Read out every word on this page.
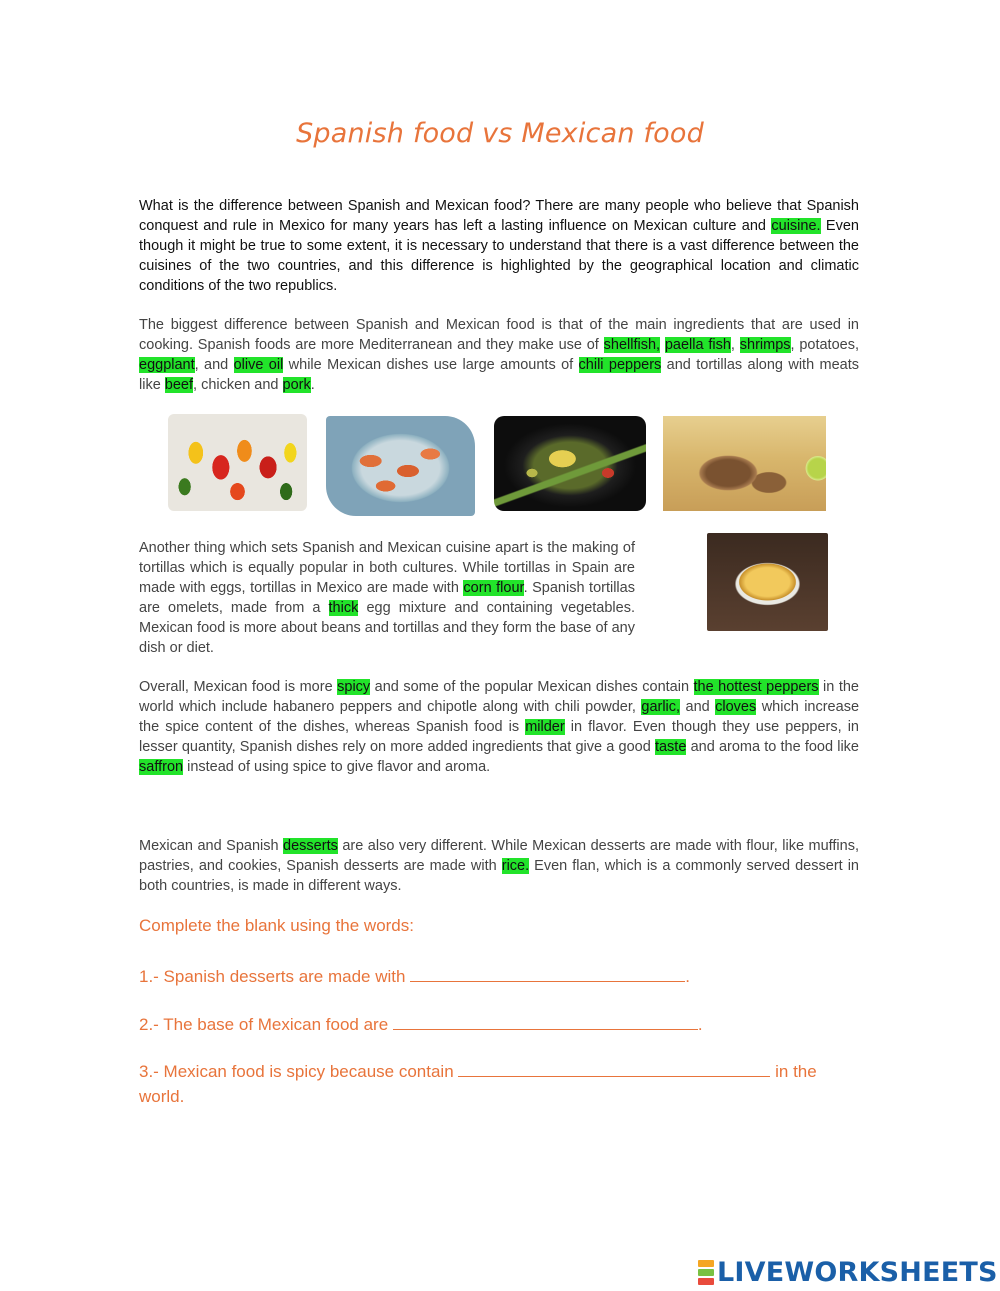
Spanish food vs Mexican food

What is the difference between Spanish and Mexican food? There are many people who believe that Spanish conquest and rule in Mexico for many years has left a lasting influence on Mexican culture and cuisine. Even though it might be true to some extent, it is necessary to understand that there is a vast difference between the cuisines of the two countries, and this difference is highlighted by the geographical location and climatic conditions of the two republics.

The biggest difference between Spanish and Mexican food is that of the main ingredients that are used in cooking. Spanish foods are more Mediterranean and they make use of shellfish, paella fish, shrimps, potatoes, eggplant, and olive oil while Mexican dishes use large amounts of chili peppers and tortillas along with meats like beef, chicken and pork.

Another thing which sets Spanish and Mexican cuisine apart is the making of tortillas which is equally popular in both cultures. While tortillas in Spain are made with eggs, tortillas in Mexico are made with corn flour. Spanish tortillas are omelets, made from a thick egg mixture and containing vegetables. Mexican food is more about beans and tortillas and they form the base of any dish or diet.

Overall, Mexican food is more spicy and some of the popular Mexican dishes contain the hottest peppers in the world which include habanero peppers and chipotle along with chili powder, garlic, and cloves which increase the spice content of the dishes, whereas Spanish food is milder in flavor. Even though they use peppers, in lesser quantity, Spanish dishes rely on more added ingredients that give a good taste and aroma to the food like saffron instead of using spice to give flavor and aroma.

Mexican and Spanish desserts are also very different. While Mexican desserts are made with flour, like muffins, pastries, and cookies, Spanish desserts are made with rice. Even flan, which is a commonly served dessert in both countries, is made in different ways.

Complete the blank using the words:
1.- Spanish desserts are made with	.
2.- The base of Mexican food are	.
3.- Mexican food is spicy because contain	in the world.
LIVEWORKSHEETS
